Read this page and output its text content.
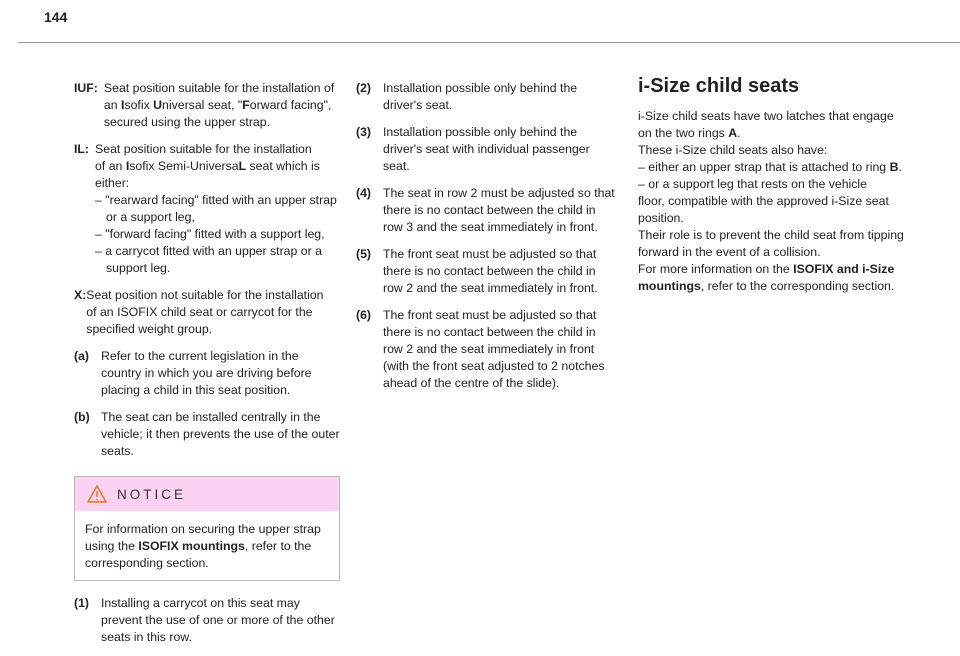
144
IUF: Seat position suitable for the installation of
an Isofix Universal seat, "Forward facing",
secured using the upper strap.
IL: Seat position suitable for the installation
of an Isofix Semi-UniversaL seat which is
either:
– "rearward facing" fitted with an upper strap or a support leg,
– "forward facing" fitted with a support leg,
– a carrycot fitted with an upper strap or a support leg.
X: Seat position not suitable for the installation
of an ISOFIX child seat or carrycot for the
specified weight group.
(a) Refer to the current legislation in the country in which you are driving before placing a child in this seat position.
(b) The seat can be installed centrally in the vehicle; it then prevents the use of the outer seats.
NOTICE
For information on securing the upper strap
using the ISOFIX mountings, refer to the
corresponding section.
(1) Installing a carrycot on this seat may prevent the use of one or more of the other seats in this row.
(2) Installation possible only behind the driver's seat.
(3) Installation possible only behind the driver's seat with individual passenger seat.
(4) The seat in row 2 must be adjusted so that there is no contact between the child in row 3 and the seat immediately in front.
(5) The front seat must be adjusted so that there is no contact between the child in row 2 and the seat immediately in front.
(6) The front seat must be adjusted so that there is no contact between the child in row 2 and the seat immediately in front (with the front seat adjusted to 2 notches ahead of the centre of the slide).
i-Size child seats
i-Size child seats have two latches that engage
on the two rings A.
These i-Size child seats also have:
– either an upper strap that is attached to ring B.
– or a support leg that rests on the vehicle
floor, compatible with the approved i-Size seat
position.
Their role is to prevent the child seat from tipping
forward in the event of a collision.
For more information on the ISOFIX and i-Size
mountings, refer to the corresponding section.
